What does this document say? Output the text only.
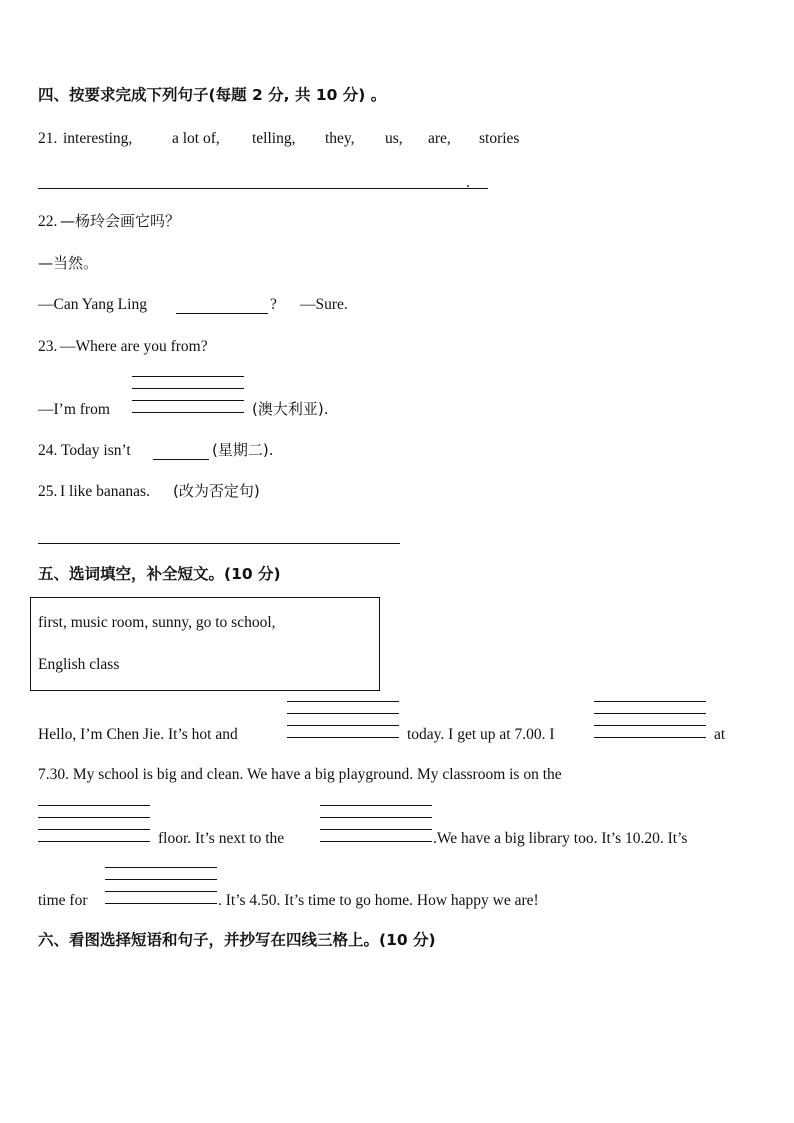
四、按要求完成下列句子(每题 2 分, 共 10 分) 。
21. interesting,	a lot of, telling, they, us, are, stories
.
22. —杨玲会画它吗？
—当然。
—Can Yang Ling	? —Sure.
23. —Where are you from?
—I’m from	(澳大利亚).
24. Today isn’t	(星期二).
25. I like bananas. (改为否定句)
五、选词填空，补全短文。(10 分)
first, music room, sunny, go to school,
English class
Hello, I’m Chen Jie. It’s hot and	today. I get up at 7.00. I	at
7.30. My school is big and clean. We have a big playground. My classroom is on the
floor. It’s next to the	.We have a big library too. It’s 10.20. It’s
time for	. It’s 4.50. It’s time to go home. How happy we are!
六、看图选择短语和句子，并抄写在四线三格上。(10 分)
